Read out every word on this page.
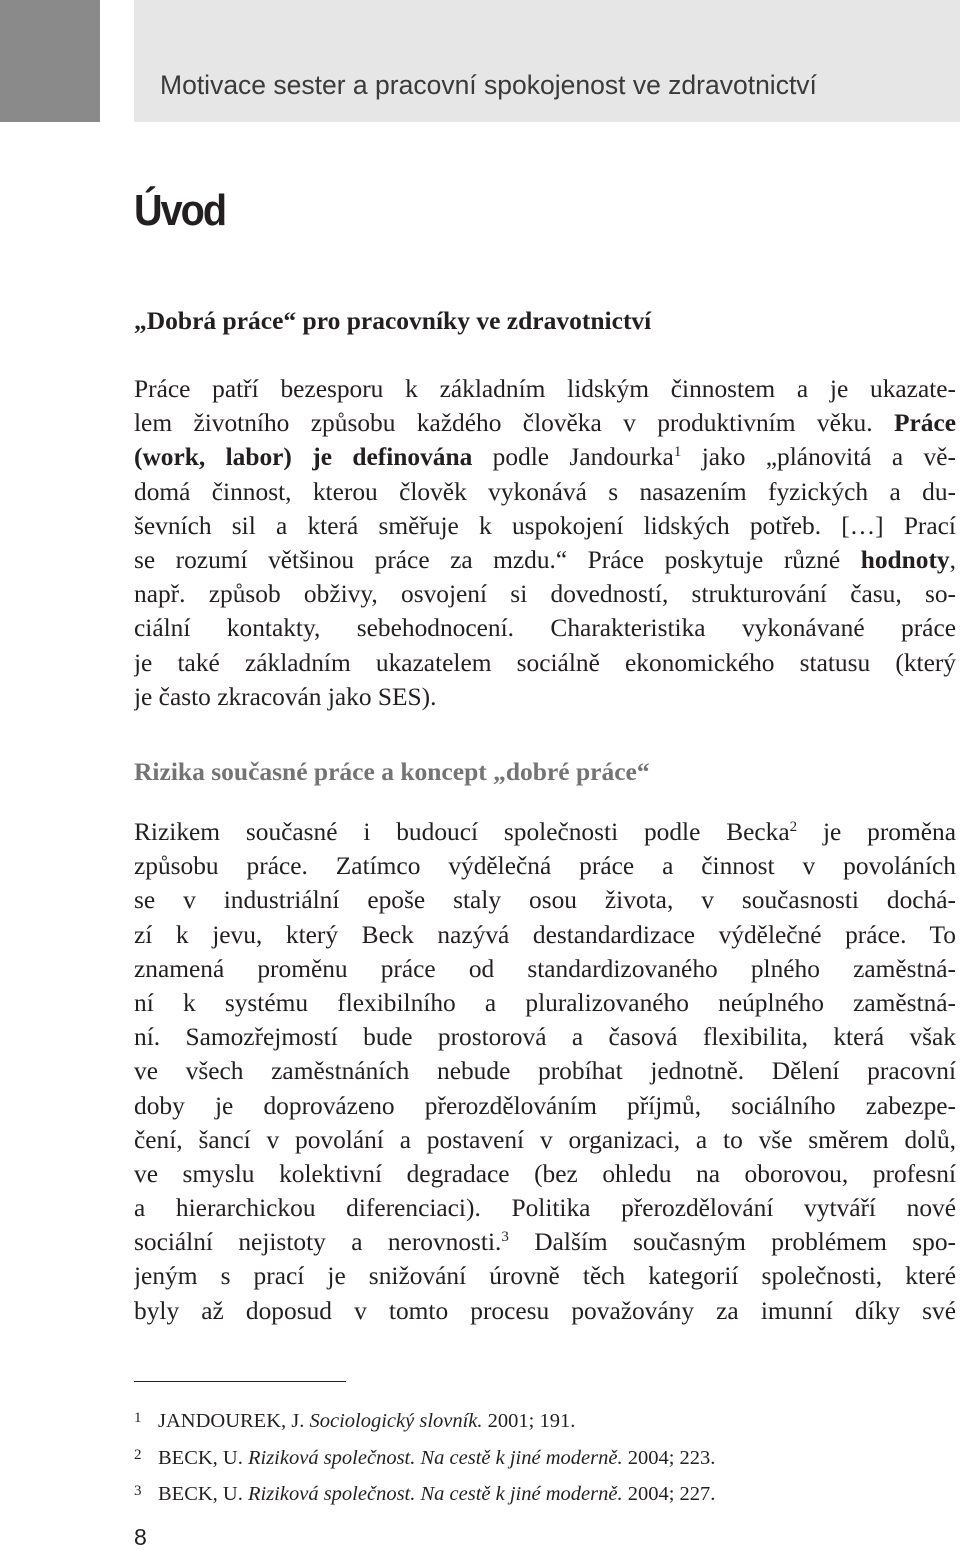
Motivace sester a pracovní spokojenost ve zdravotnictví
Úvod
„Dobrá práce“ pro pracovníky ve zdravotnictví
Práce patří bezesporu k základním lidským činnostem a je ukazate-
lem životního způsobu každého člověka v produktivním věku. Práce
(work, labor) je definována podle Jandourka$^1$ jako „plánovitá a vě-
domá činnost, kterou člověk vykonává s nasazením fyzických a du-
ševních sil a která směřuje k uspokojení lidských potřeb. […] Prací
se rozumí většinou práce za mzdu.“ Práce poskytuje různé hodnoty,
např. způsob obživy, osvojení si dovedností, strukturování času, so-
ciální kontakty, sebehodnocení. Charakteristika vykonávané práce
je také základním ukazatelem sociálně ekonomického statusu (který
je často zkracován jako SES).
Rizika současné práce a koncept „dobré práce“
Rizikem současné i budoucí společnosti podle Becka$^2$ je proměna
způsobu práce. Zatímco výdělečná práce a činnost v povoláních
se v industriální epoše staly osou života, v současnosti dochá-
zí k jevu, který Beck nazývá destandardizace výdělečné práce. To
znamená proměnu práce od standardizovaného plného zaměstná-
ní k systému flexibilního a pluralizovaného neúplného zaměstná-
ní. Samozřejmostí bude prostorová a časová flexibilita, která však
ve všech zaměstnáních nebude probíhat jednotně. Dělení pracovní
doby je doprovázeno přerozdělováním příjmů, sociálního zabezpe-
čení, šancí v povolání a postavení v organizaci, a to vše směrem dolů,
ve smyslu kolektivní degradace (bez ohledu na oborovou, profesní
a hierarchickou diferenciaci). Politika přerozdělování vytváří nové
sociální nejistoty a nerovnosti.$^3$ Dalším současným problémem spo-
jeným s prací je snižování úrovně těch kategorií společnosti, které
byly až doposud v tomto procesu považovány za imunní díky své
1 JANDOUREK, J. Sociologický slovník. 2001; 191.
2 BECK, U. Riziková společnost. Na cestě k jiné moderně. 2004; 223.
3 BECK, U. Riziková společnost. Na cestě k jiné moderně. 2004; 227.
8
